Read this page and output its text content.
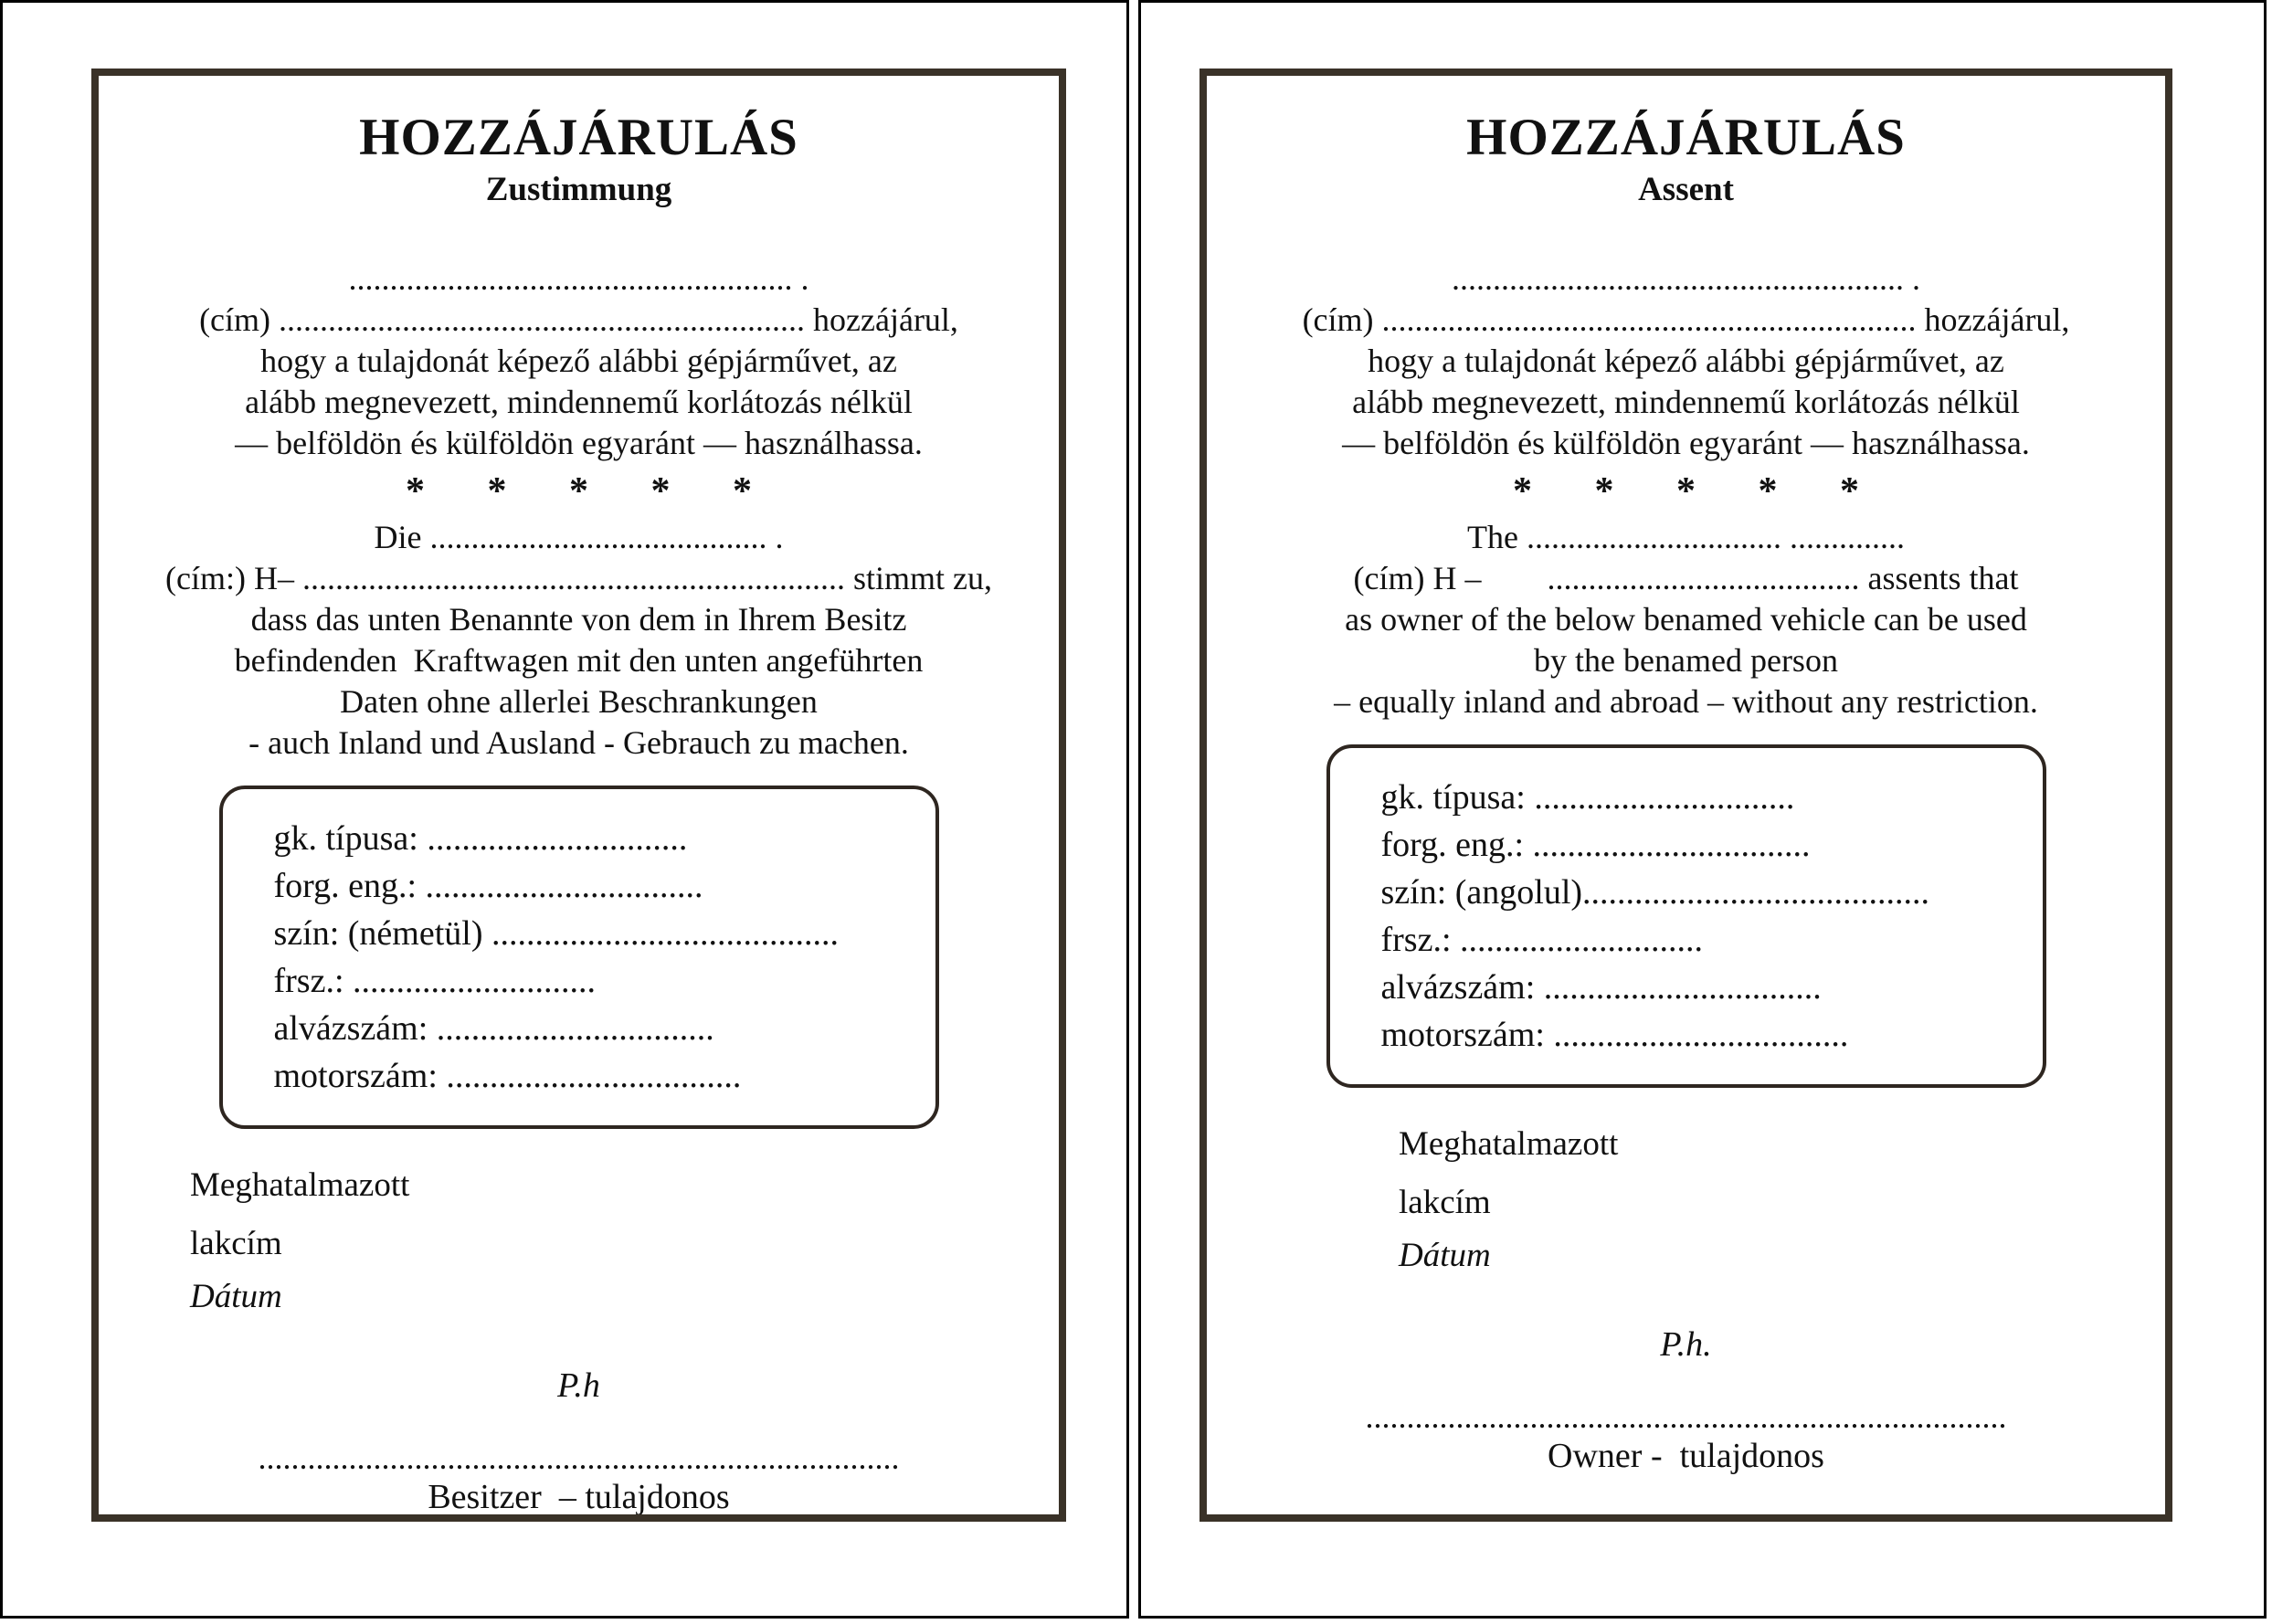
HOZZÁJÁRULÁS
Zustimmung

...................................................... .

(cím) ................................................................ hozzájárul,

hogy a tulajdonát képező alábbi gépjárművet, az

alább megnevezett, mindennemű korlátozás nélkül

— belföldön és külföldön egyaránt — használhassa.

* * * * *

Die ......................................... .

(cím:) H– .................................................................. stimmt zu,

dass das unten Benannte von dem in Ihrem Besitz

befindenden  Kraftwagen mit den unten angeführten

Daten ohne allerlei Beschrankungen

- auch Inland und Ausland - Gebrauch zu machen.

gk. típusa: ..............................
forg. eng.: ................................
szín: (németül) ........................................
frsz.: ............................
alvázszám: ................................
motorszám: ..................................

Meghatalmazott

lakcím

Dátum

P.h

..............................................................................

Besitzer  – tulajdonos

HOZZÁJÁRULÁS
Assent

....................................................... .

(cím) ................................................................. hozzájárul,

hogy a tulajdonát képező alábbi gépjárművet, az

alább megnevezett, mindennemű korlátozás nélkül

— belföldön és külföldön egyaránt — használhassa.

* * * * *

The ............................... ..............

(cím) H –        ...................................... assents that

as owner of the below benamed vehicle can be used

by the benamed person

– equally inland and abroad – without any restriction.

gk. típusa: ..............................
forg. eng.: ................................
szín: (angolul)........................................
frsz.: ............................
alvázszám: ................................
motorszám: ..................................

Meghatalmazott

lakcím

Dátum

P.h.

..............................................................................

Owner -  tulajdonos
